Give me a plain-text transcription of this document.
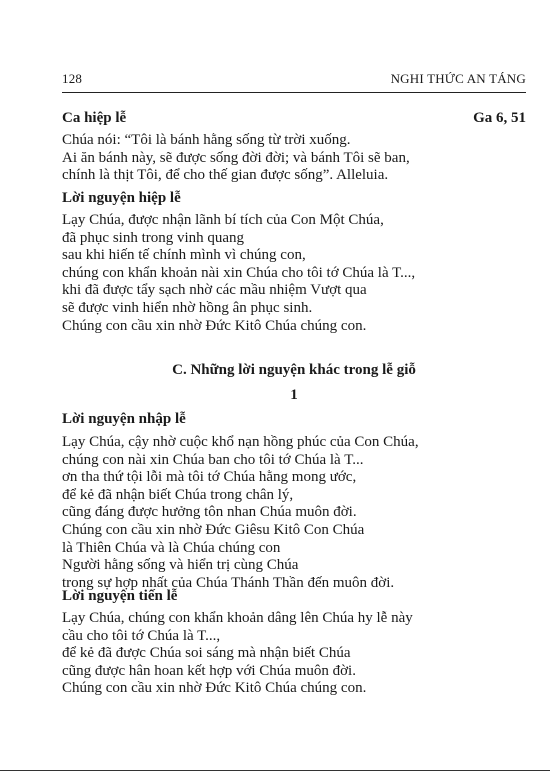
128	NGHI THỨC AN TÁNG
Ca hiệp lễ	Ga 6, 51
Chúa nói: “Tôi là bánh hằng sống từ trời xuống.
Ai ăn bánh này, sẽ được sống đời đời; và bánh Tôi sẽ ban,
chính là thịt Tôi, để cho thế gian được sống”. Alleluia.
Lời nguyện hiệp lễ
Lạy Chúa, được nhận lãnh bí tích của Con Một Chúa,
đã phục sinh trong vinh quang
sau khi hiến tế chính mình vì chúng con,
chúng con khẩn khoản nài xin Chúa cho tôi tớ Chúa là T...,
khi đã được tẩy sạch nhờ các mầu nhiệm Vượt qua
sẽ được vinh hiển nhờ hồng ân phục sinh.
Chúng con cầu xin nhờ Đức Kitô Chúa chúng con.
C. Những lời nguyện khác trong lễ giỗ
1
Lời nguyện nhập lễ
Lạy Chúa, cậy nhờ cuộc khổ nạn hồng phúc của Con Chúa,
chúng con nài xin Chúa ban cho tôi tớ Chúa là T...
ơn tha thứ tội lỗi mà tôi tớ Chúa hằng mong ước,
để kẻ đã nhận biết Chúa trong chân lý,
cũng đáng được hưởng tôn nhan Chúa muôn đời.
Chúng con cầu xin nhờ Đức Giêsu Kitô Con Chúa
là Thiên Chúa và là Chúa chúng con
Người hằng sống và hiển trị cùng Chúa
trong sự hợp nhất của Chúa Thánh Thần đến muôn đời.
Lời nguyện tiến lễ
Lạy Chúa, chúng con khẩn khoản dâng lên Chúa hy lễ này
cầu cho tôi tớ Chúa là T...,
để kẻ đã được Chúa soi sáng mà nhận biết Chúa
cũng được hân hoan kết hợp với Chúa muôn đời.
Chúng con cầu xin nhờ Đức Kitô Chúa chúng con.
